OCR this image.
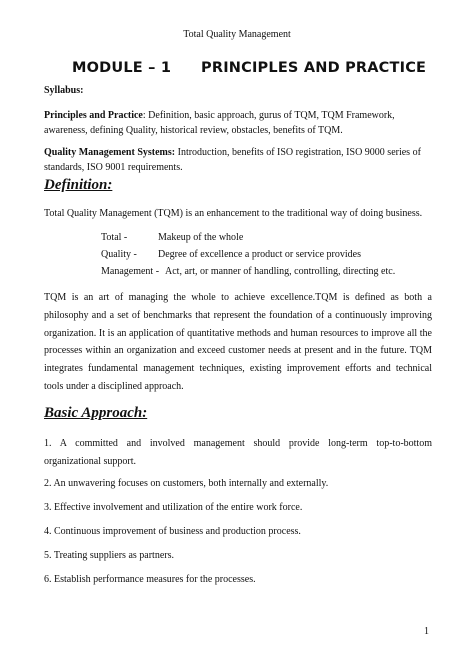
Total Quality Management
MODULE – 1 PRINCIPLES AND PRACTICE
Syllabus:
Principles and Practice: Definition, basic approach, gurus of TQM, TQM Framework, awareness, defining Quality, historical review, obstacles, benefits of TQM.
Quality Management Systems: Introduction, benefits of ISO registration, ISO 9000 series of standards, ISO 9001 requirements.
Definition:
Total Quality Management (TQM) is an enhancement to the traditional way of doing business.
Total -	Makeup of the whole
Quality - Degree of excellence a product or service provides
Management - Act, art, or manner of handling, controlling, directing etc.
TQM is an art of managing the whole to achieve excellence.TQM is defined as both a philosophy and a set of benchmarks that represent the foundation of a continuously improving organization. It is an application of quantitative methods and human resources to improve all the processes within an organization and exceed customer needs at present and in the future. TQM integrates fundamental management techniques, existing improvement efforts and technical tools under a disciplined approach.
Basic Approach:
1. A committed and involved management should provide long-term top-to-bottom organizational support.
2. An unwavering focuses on customers, both internally and externally.
3. Effective involvement and utilization of the entire work force.
4. Continuous improvement of business and production process.
5. Treating suppliers as partners.
6. Establish performance measures for the processes.
1
